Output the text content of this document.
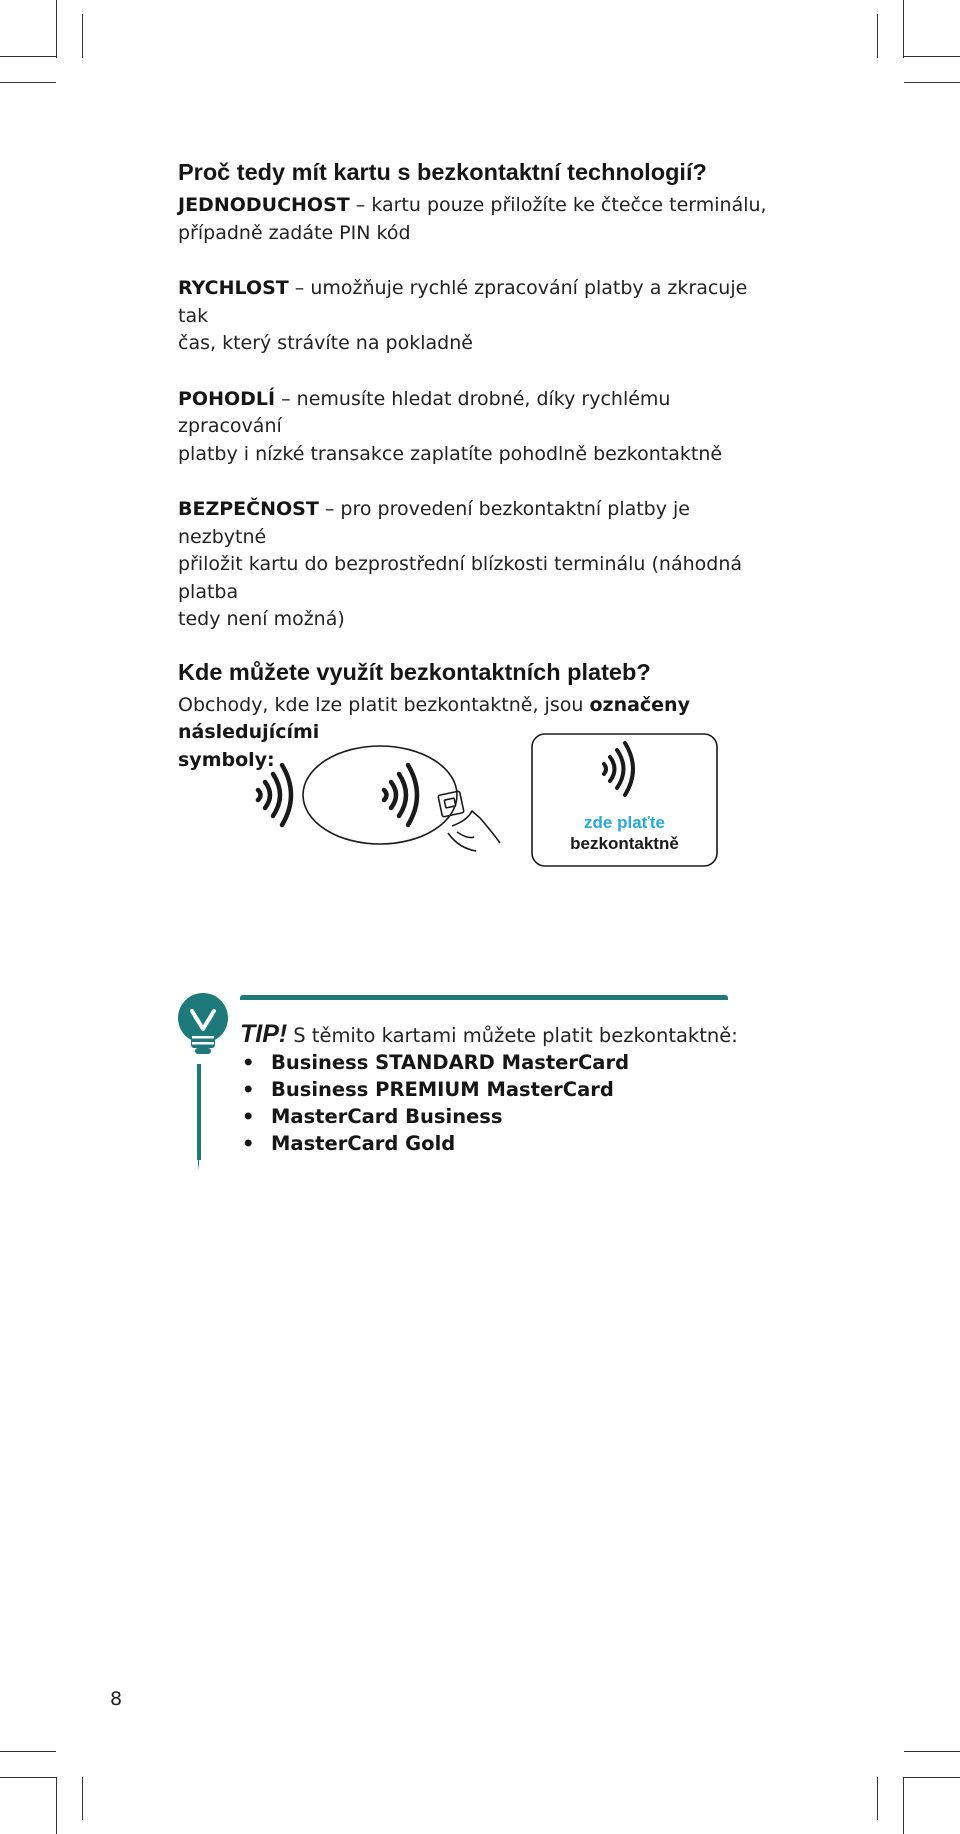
Proč tedy mít kartu s bezkontaktní technologií?

JEDNODUCHOST – kartu pouze přiložíte ke čtečce terminálu,
případně zadáte PIN kód

RYCHLOST – umožňuje rychlé zpracování platby a zkracuje tak
čas, který strávíte na pokladně

POHODLÍ – nemusíte hledat drobné, díky rychlému zpracování
platby i nízké transakce zaplatíte pohodlně bezkontaktně

BEZPEČNOST – pro provedení bezkontaktní platby je nezbytné
přiložit kartu do bezprostřední blízkosti terminálu (náhodná platba
tedy není možná)

Kde můžete využít bezkontaktních plateb?

Obchody, kde lze platit bezkontaktně, jsou označeny následujícími
symboly:

zde plaťte
bezkontaktně
TIP! S těmito kartami můžete platit bezkontaktně:
• Business STANDARD MasterCard
• Business PREMIUM MasterCard
• MasterCard Business
• MasterCard Gold
8
